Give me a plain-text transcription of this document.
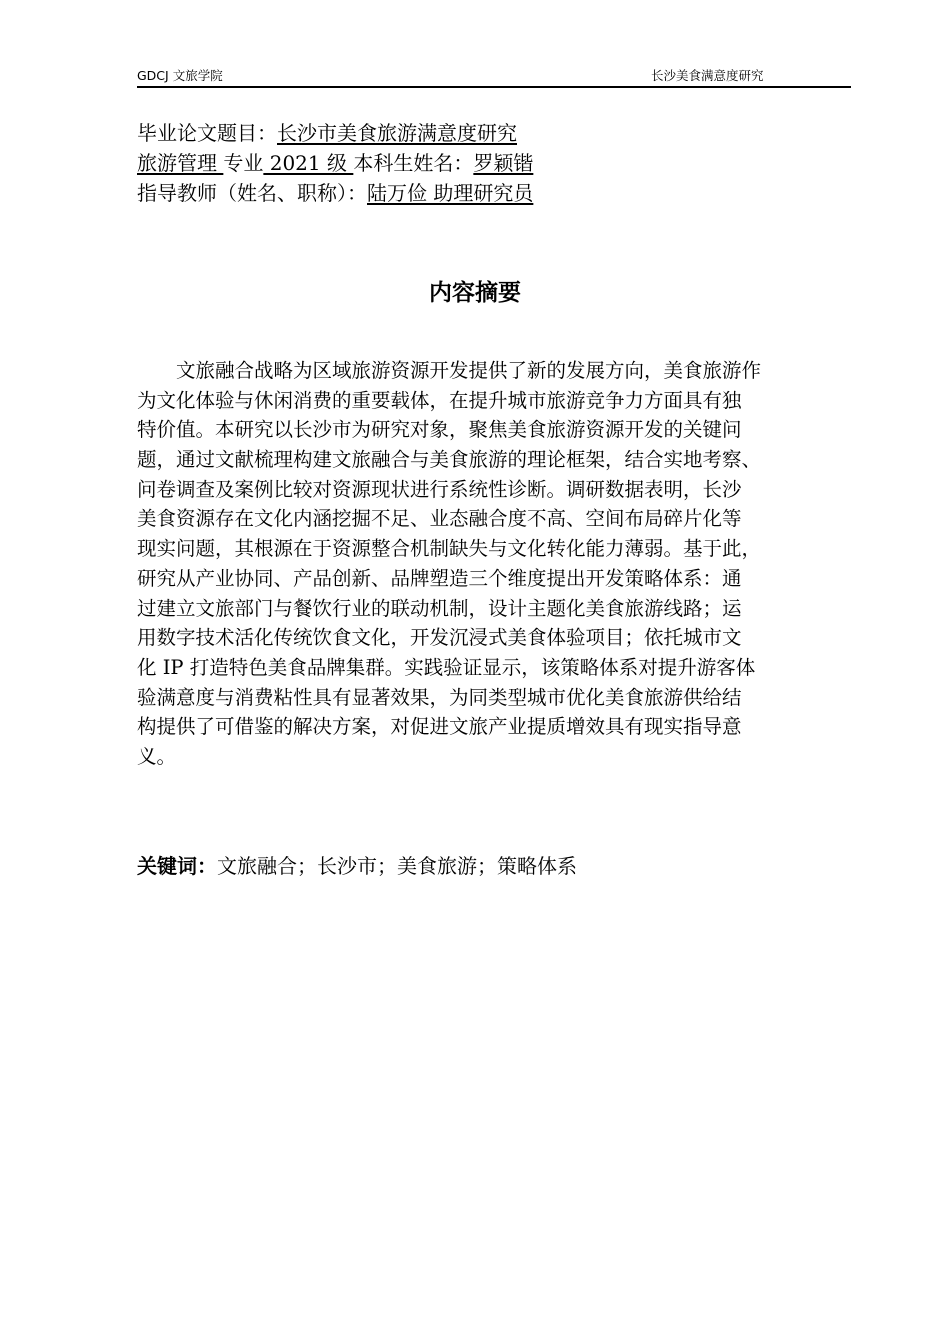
GDCJ 文旅学院	长沙美食满意度研究
毕业论文题目：长沙市美食旅游满意度研究
旅游管理 专业 2021 级 本科生姓名：罗颖锴
指导教师（姓名、职称）：陆万俭 助理研究员
内容摘要
　　文旅融合战略为区域旅游资源开发提供了新的发展方向，美食旅游作
为文化体验与休闲消费的重要载体，在提升城市旅游竞争力方面具有独
特价值。本研究以长沙市为研究对象，聚焦美食旅游资源开发的关键问
题，通过文献梳理构建文旅融合与美食旅游的理论框架，结合实地考察、
问卷调查及案例比较对资源现状进行系统性诊断。调研数据表明，长沙
美食资源存在文化内涵挖掘不足、业态融合度不高、空间布局碎片化等
现实问题，其根源在于资源整合机制缺失与文化转化能力薄弱。基于此，
研究从产业协同、产品创新、品牌塑造三个维度提出开发策略体系：通
过建立文旅部门与餐饮行业的联动机制，设计主题化美食旅游线路；运
用数字技术活化传统饮食文化，开发沉浸式美食体验项目；依托城市文
化 IP 打造特色美食品牌集群。实践验证显示，该策略体系对提升游客体
验满意度与消费粘性具有显著效果，为同类型城市优化美食旅游供给结
构提供了可借鉴的解决方案，对促进文旅产业提质增效具有现实指导意
义。
关键词：文旅融合；长沙市；美食旅游；策略体系
